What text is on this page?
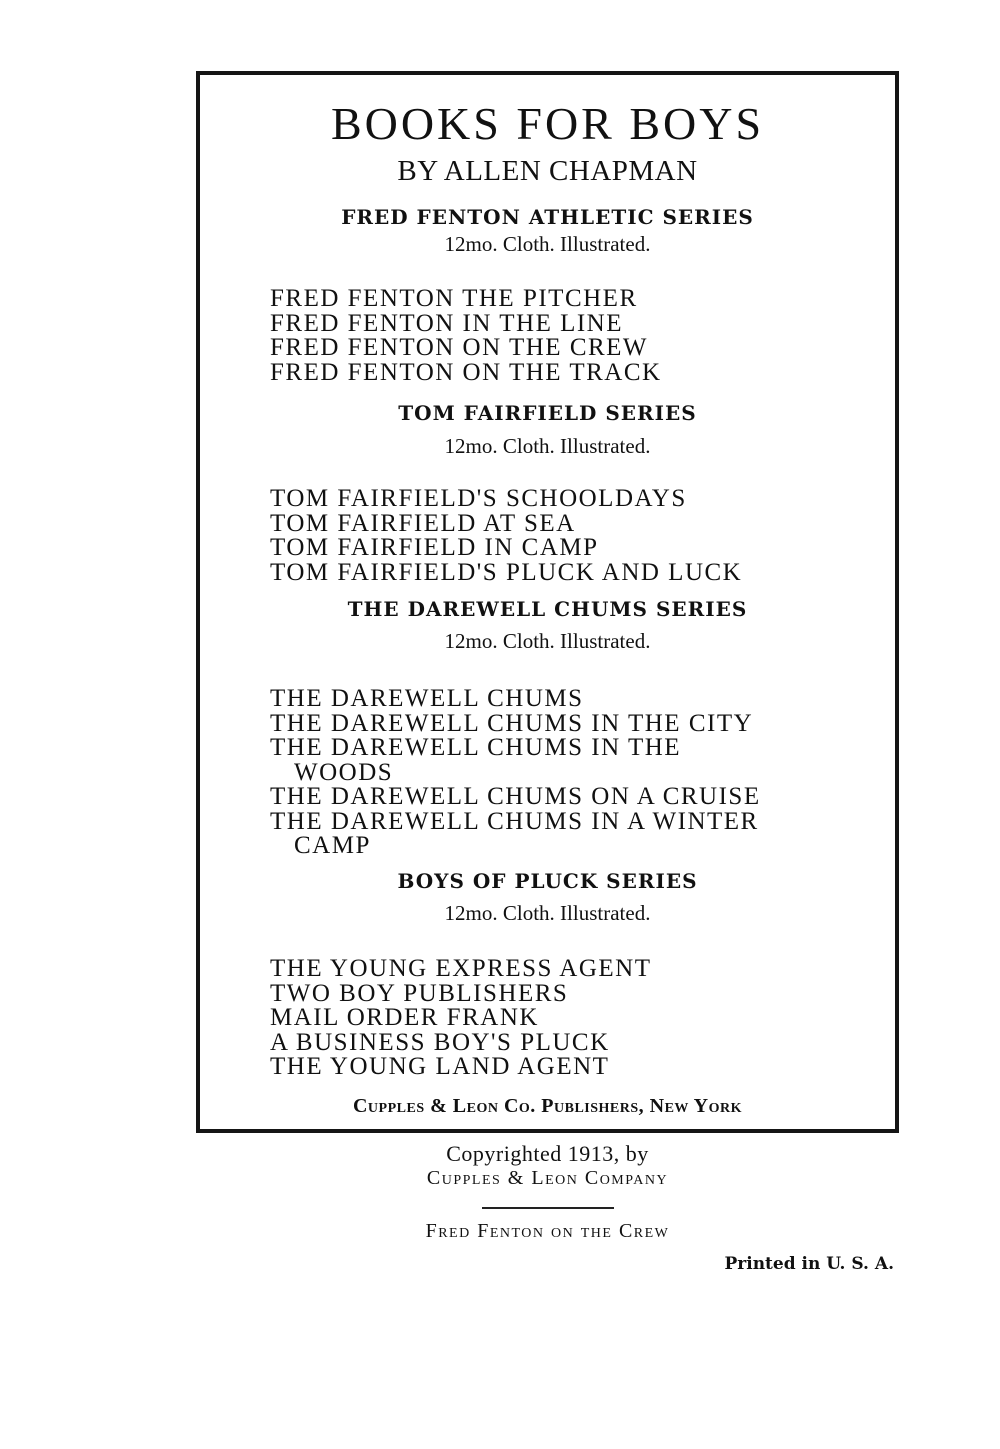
BOOKS FOR BOYS
BY ALLEN CHAPMAN
FRED FENTON ATHLETIC SERIES
12mo. Cloth. Illustrated.
FRED FENTON THE PITCHER
FRED FENTON IN THE LINE
FRED FENTON ON THE CREW
FRED FENTON ON THE TRACK
TOM FAIRFIELD SERIES
12mo. Cloth. Illustrated.
TOM FAIRFIELD'S SCHOOLDAYS
TOM FAIRFIELD AT SEA
TOM FAIRFIELD IN CAMP
TOM FAIRFIELD'S PLUCK AND LUCK
THE DAREWELL CHUMS SERIES
12mo. Cloth. Illustrated.
THE DAREWELL CHUMS
THE DAREWELL CHUMS IN THE CITY
THE DAREWELL CHUMS IN THE
WOODS
THE DAREWELL CHUMS ON A CRUISE
THE DAREWELL CHUMS IN A WINTER
CAMP
BOYS OF PLUCK SERIES
12mo. Cloth. Illustrated.
THE YOUNG EXPRESS AGENT
TWO BOY PUBLISHERS
MAIL ORDER FRANK
A BUSINESS BOY'S PLUCK
THE YOUNG LAND AGENT
Cupples & Leon Co. Publishers, New York
Copyrighted 1913, by
Cupples & Leon Company
Fred Fenton on the Crew
Printed in U. S. A.
